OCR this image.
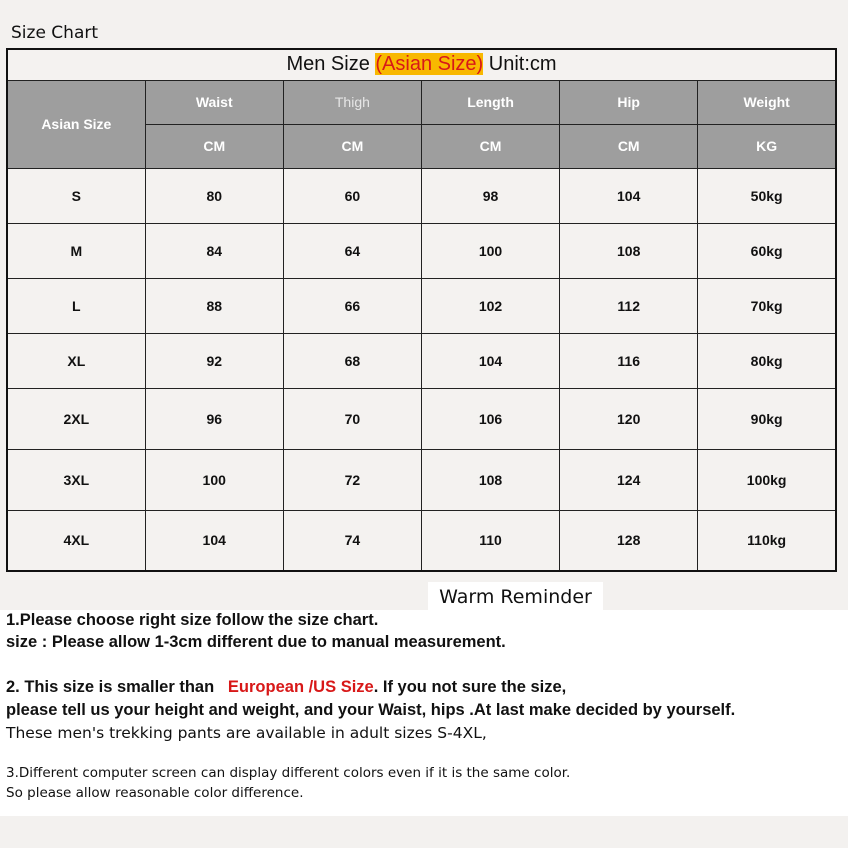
Size Chart
Men Size (Asian Size) Unit:cm					
Asian Size	Waist	Thigh	Length	Hip	Weight
	CM	CM	CM	CM	KG
S	80	60	98	104	50kg
M	84	64	100	108	60kg
L	88	66	102	112	70kg
XL	92	68	104	116	80kg
2XL	96	70	106	120	90kg
3XL	100	72	108	124	100kg
4XL	104	74	110	128	110kg
Warm Reminder
1.Please choose right size follow the size chart.
size : Please allow 1-3cm different due to manual measurement.
2. This size is smaller than   European /US Size. If you not sure the size,
please tell us your height and weight, and your Waist, hips .At last make decided by yourself.
These men's trekking pants are available in adult sizes S-4XL,
3.Different computer screen can display different colors even if it is the same color.
So please allow reasonable color difference.
